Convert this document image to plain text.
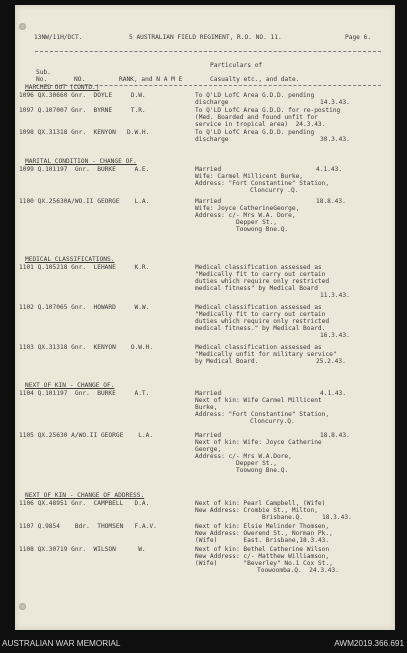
13NW/11H/DCT.	5 AUSTRALIAN FIELD REGIMENT, R.O. NO. 11.	Page 6.
Particulars of
Sub.
No.	NO.	RANK, and N A M E	Casualty etc., and date.
MARCHED OUT (CONTD.)
1096 QX.30660 Gnr.  DOYLE     D.W.	To Q'LD LofC Area G.D.D. pending
discharge	14.3.43.
1097 Q.107007 Gnr.  BYRNE     T.R.	To Q'LD LofC Area G.D.D. for re-posting
(Med. Boarded and found unfit for
service in tropical area)  24.3.43.
1098 QX.31318 Gnr.  KENYON   D.W.H.	To Q'LD LofC Area G.D.D. pending
discharge	30.3.43.
MARITAL CONDITION - CHANGE OF.
1099 Q.101197  Gnr.  BURKE     A.E.	Married	4.1.43.
Wife: Carmel Millicent Burke,
Address: "Fort Constantine" Station,
Cloncurry .Q.
1100 QX.25630A/WO.II GEORGE    L.A.	Married	18.8.43.
Wife: Joyce CatherineGeorge,
Address: c/- Mrs W.A. Dore,
Depper St.,
Toowong Bne.Q.
MEDICAL CLASSIFICATIONS.
1101 Q.105218 Gnr.  LEHANE     K.R.	Medical classification assessed as
"Medically fit to carry out certain
duties which require only restricted
medical fitness" by Medical Board
11.3.43.
1102 Q.107065 Gnr.  HOWARD     W.W.	Medical classification assessed as
"Medically fit to carry out certain
duties which require only restricted
medical fitness." by Medical Board.
16.3.43.
1103 QX.31318 Gnr.  KENYON    O.W.H.	Medical classification assessed as
"Medically unfit for military service"
by Medical Board.	25.2.43.
NEXT OF KIN - CHANGE OF.
1104 Q.101197  Gnr.  BURKE     A.T.	Married	4.1.43.
Next of kin: Wife Carmel Millicent
Burke,
Address: "Fort Constantine" Station,
Cloncurry.Q.
1105 QX.25630 A/WO.II GEORGE    L.A.	Married	18.8.43.
Next of kin: Wife: Joyce Catherine
George,
Address: c/- Mrs W.A.Dore,
Depper St.,
Toowong Bne.Q.
NEXT OF KIN - CHANGE OF ADDRESS.
1106 QX.48951 Gnr.  CAMPBELL   D.A.	Next of kin: Pearl Campbell, (Wife)
New Address: Crombie St., Milton,
Brisbane.Q.	18.3.43.
1107 Q.9854    Bdr.  THOMSEN   F.A.V.	Next of kin: Elsie Melinder Thomsen,
New Address: Owerend St., Norman Pk.,
(Wife)       East. Brisbane,18.3.43.
1108 QX.30719 Gnr.  WILSON      W.	Next of kin: Bethel Catherine Wilson
New Address: c/- Matthew Williamson,
(Wife)       "Beverley" No.1 Cox St.,
Toowoomba.Q.  24.3.43.
AUSTRALIAN WAR MEMORIAL	AWM2019.366.691
